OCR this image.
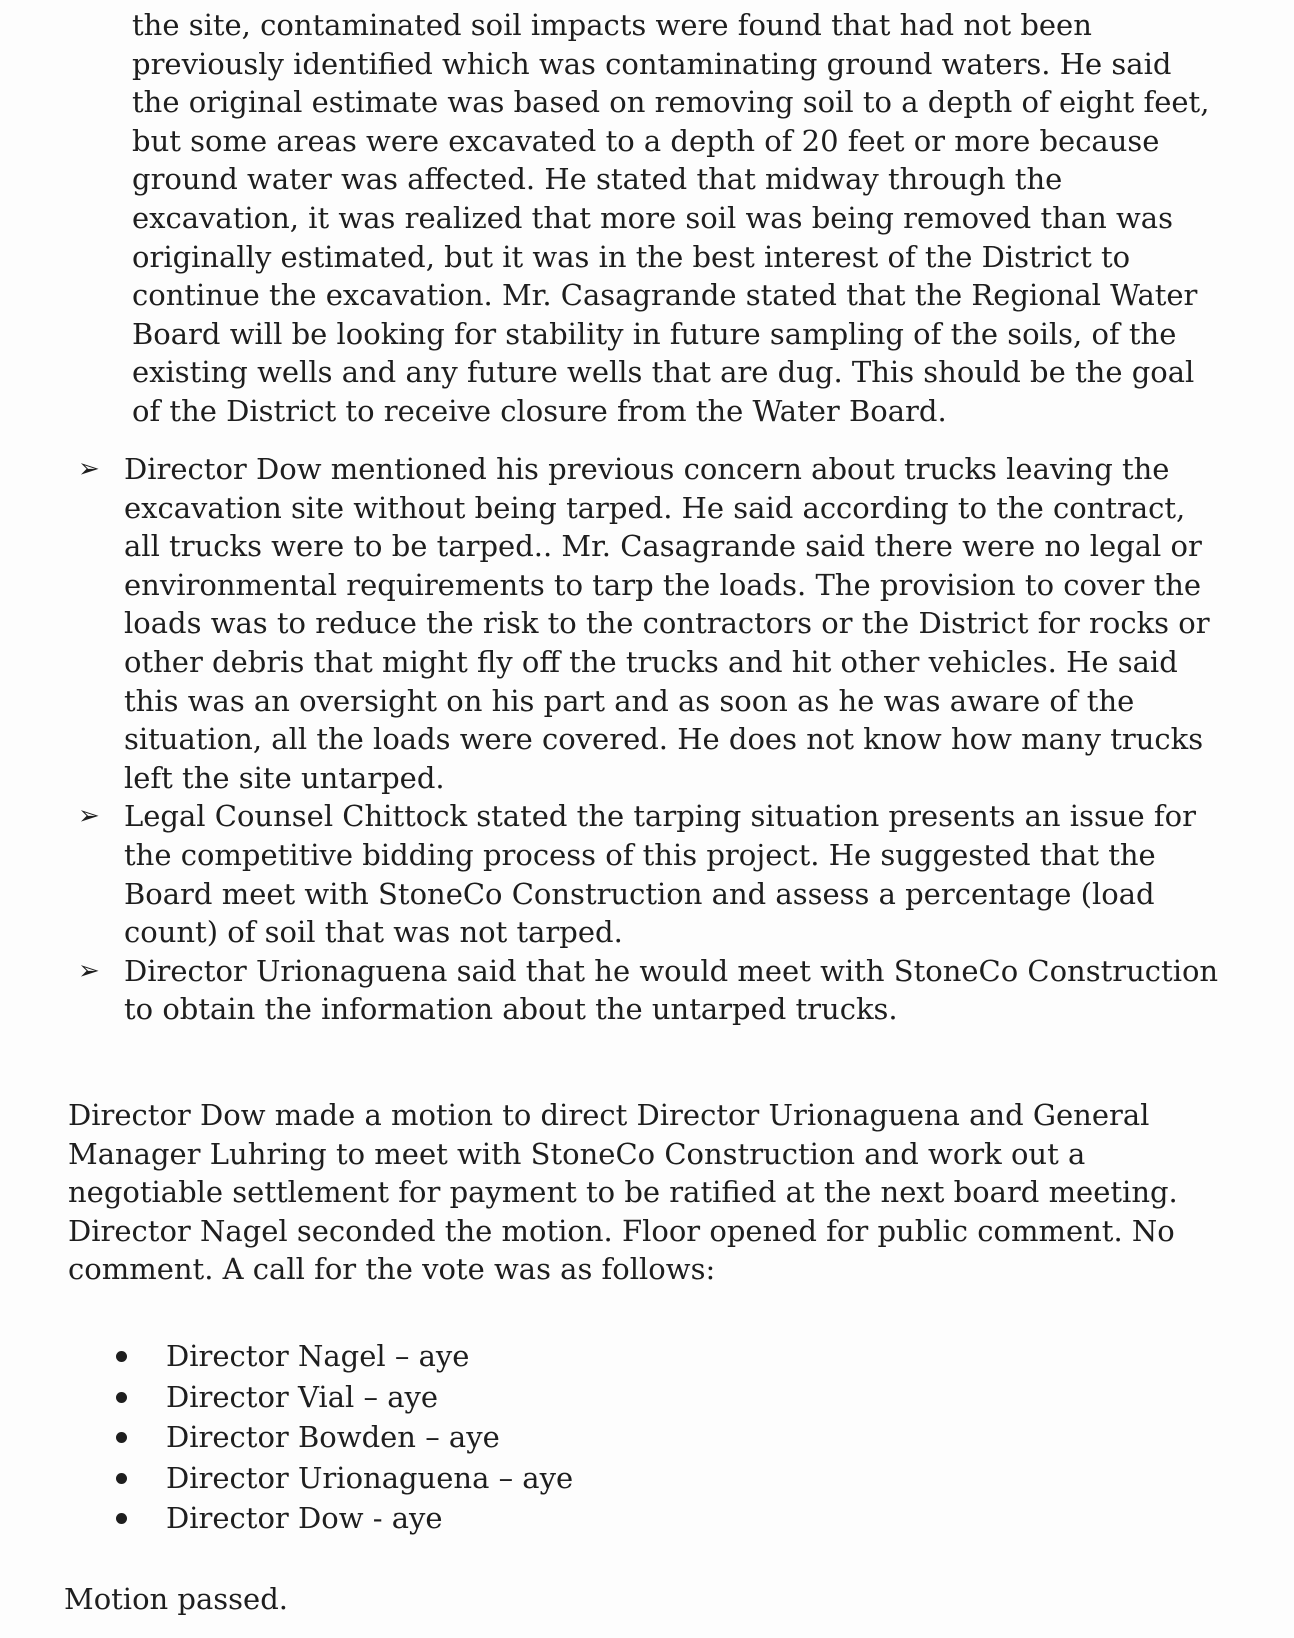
the site, contaminated soil impacts were found that had not been

previously identified which was contaminating ground waters. He said

the original estimate was based on removing soil to a depth of eight feet,

but some areas were excavated to a depth of 20 feet or more because

ground water was affected. He stated that midway through the

excavation, it was realized that more soil was being removed than was

originally estimated, but it was in the best interest of the District to

continue the excavation. Mr. Casagrande stated that the Regional Water

Board will be looking for stability in future sampling of the soils, of the

existing wells and any future wells that are dug. This should be the goal

of the District to receive closure from the Water Board.

➢ Director Dow mentioned his previous concern about trucks leaving the

excavation site without being tarped. He said according to the contract,

all trucks were to be tarped.. Mr. Casagrande said there were no legal or

environmental requirements to tarp the loads. The provision to cover the

loads was to reduce the risk to the contractors or the District for rocks or

other debris that might fly off the trucks and hit other vehicles. He said

this was an oversight on his part and as soon as he was aware of the

situation, all the loads were covered. He does not know how many trucks

left the site untarped.

➢ Legal Counsel Chittock stated the tarping situation presents an issue for

the competitive bidding process of this project. He suggested that the

Board meet with StoneCo Construction and assess a percentage (load

count) of soil that was not tarped.

➢ Director Urionaguena said that he would meet with StoneCo Construction

to obtain the information about the untarped trucks.

Director Dow made a motion to direct Director Urionaguena and General

Manager Luhring to meet with StoneCo Construction and work out a

negotiable settlement for payment to be ratified at the next board meeting.

Director Nagel seconded the motion. Floor opened for public comment. No

comment. A call for the vote was as follows:

Director Nagel – aye
Director Vial – aye
Director Bowden – aye
Director Urionaguena – aye
Director Dow - aye
Motion passed.
